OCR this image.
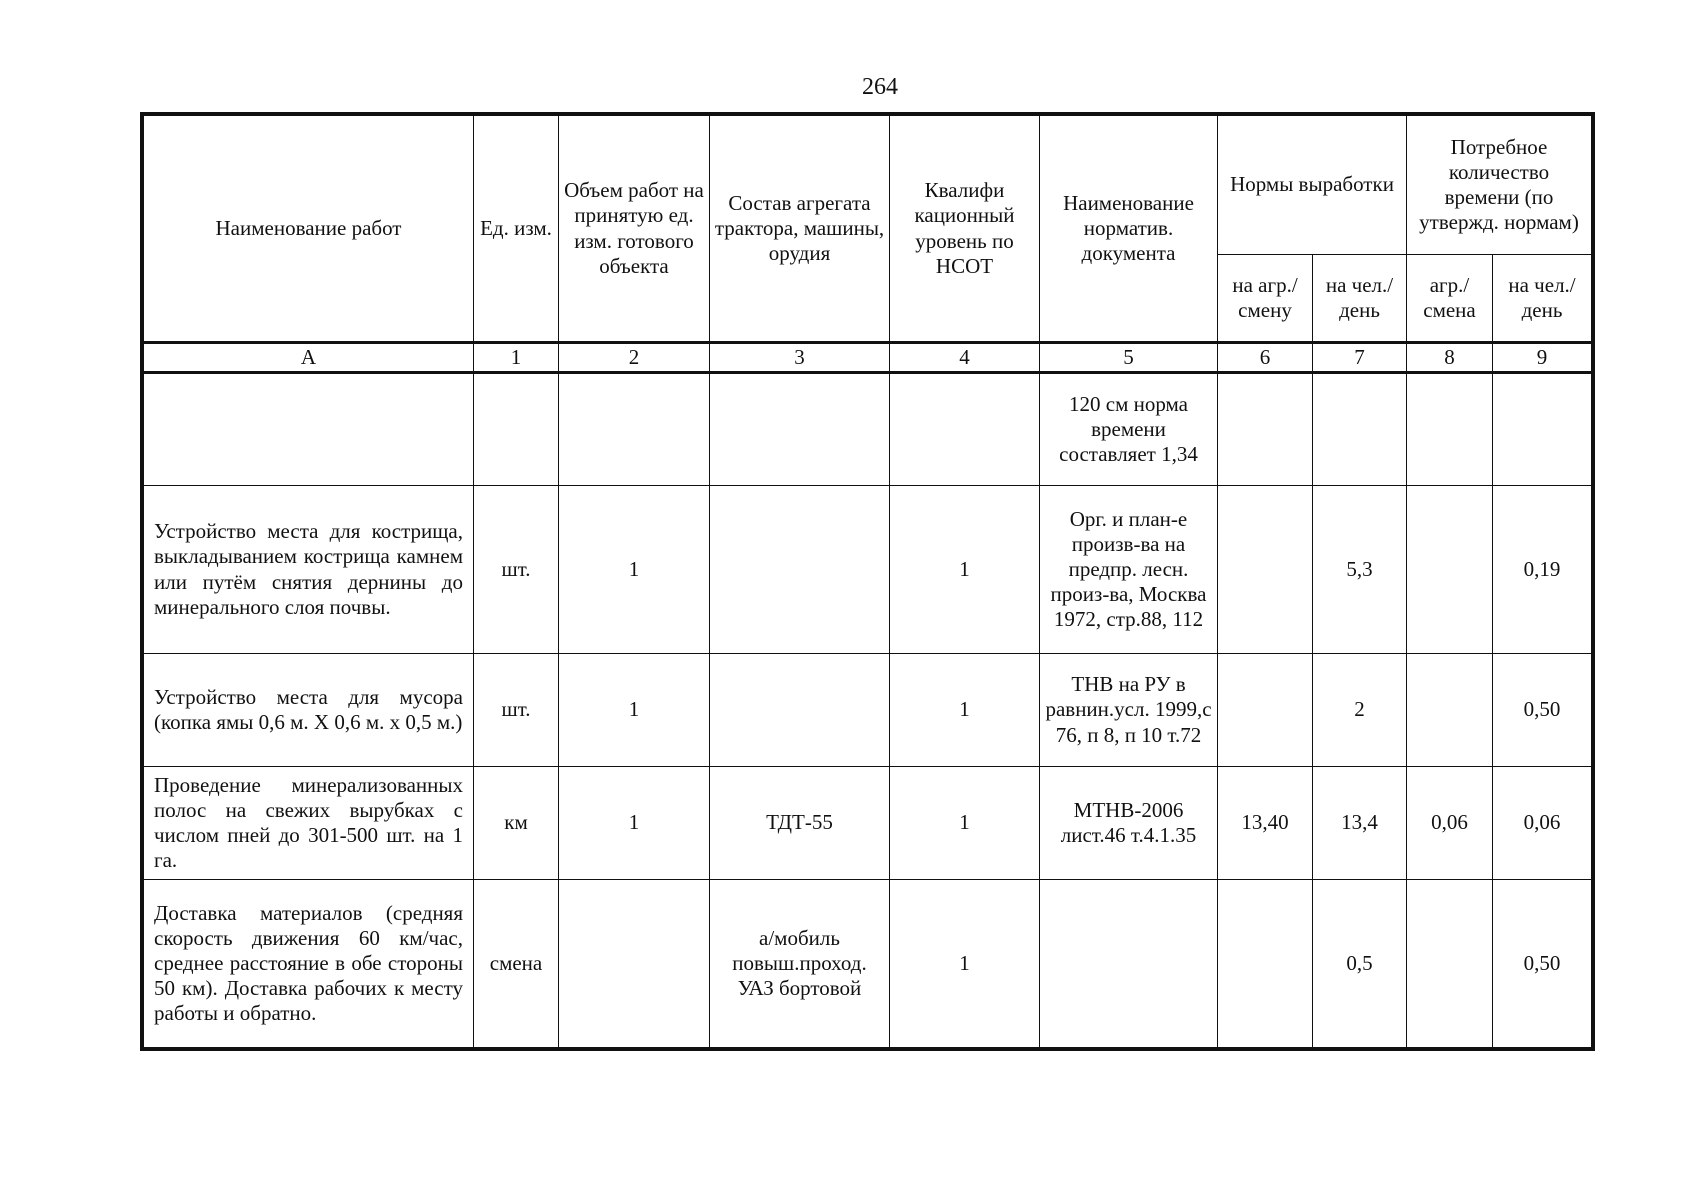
264
Наименование работ	Ед. изм.	Объем работ на принятую ед. изм. готового объекта	Состав агрегата трактора, машины, орудия	Квалифи кационный уровень по НСОТ	Наименование норматив. документа	Нормы выработки		Потребное количество времени (по утвержд. нормам)	
						на агр./ смену	на чел./ день	агр./ смена	на чел./ день
А	1	2	3	4	5	6	7	8	9
					120 см норма времени составляет 1,34				
Устройство места для кострища, выкладыванием кострища камнем или путём снятия дернины до минерального слоя почвы.	шт.	1		1	Орг. и план-е произв-ва на предпр. лесн. произ-ва, Москва 1972, стр.88, 112		5,3		0,19
Устройство места для мусора (копка ямы 0,6 м. Х 0,6 м. х 0,5 м.)	шт.	1		1	ТНВ на РУ в равнин.усл. 1999,с 76, п 8, п 10 т.72		2		0,50
Проведение минерализованных полос на свежих вырубках с числом пней до 301-500 шт. на 1 га.	км	1	ТДТ-55	1	МТНВ-2006 лист.46 т.4.1.35	13,40	13,4	0,06	0,06
Доставка материалов (средняя скорость движения 60 км/час, среднее расстояние в обе стороны 50 км). Доставка рабочих к месту работы и обратно.	смена		а/мобиль повыш.проход. УАЗ бортовой	1			0,5		0,50
